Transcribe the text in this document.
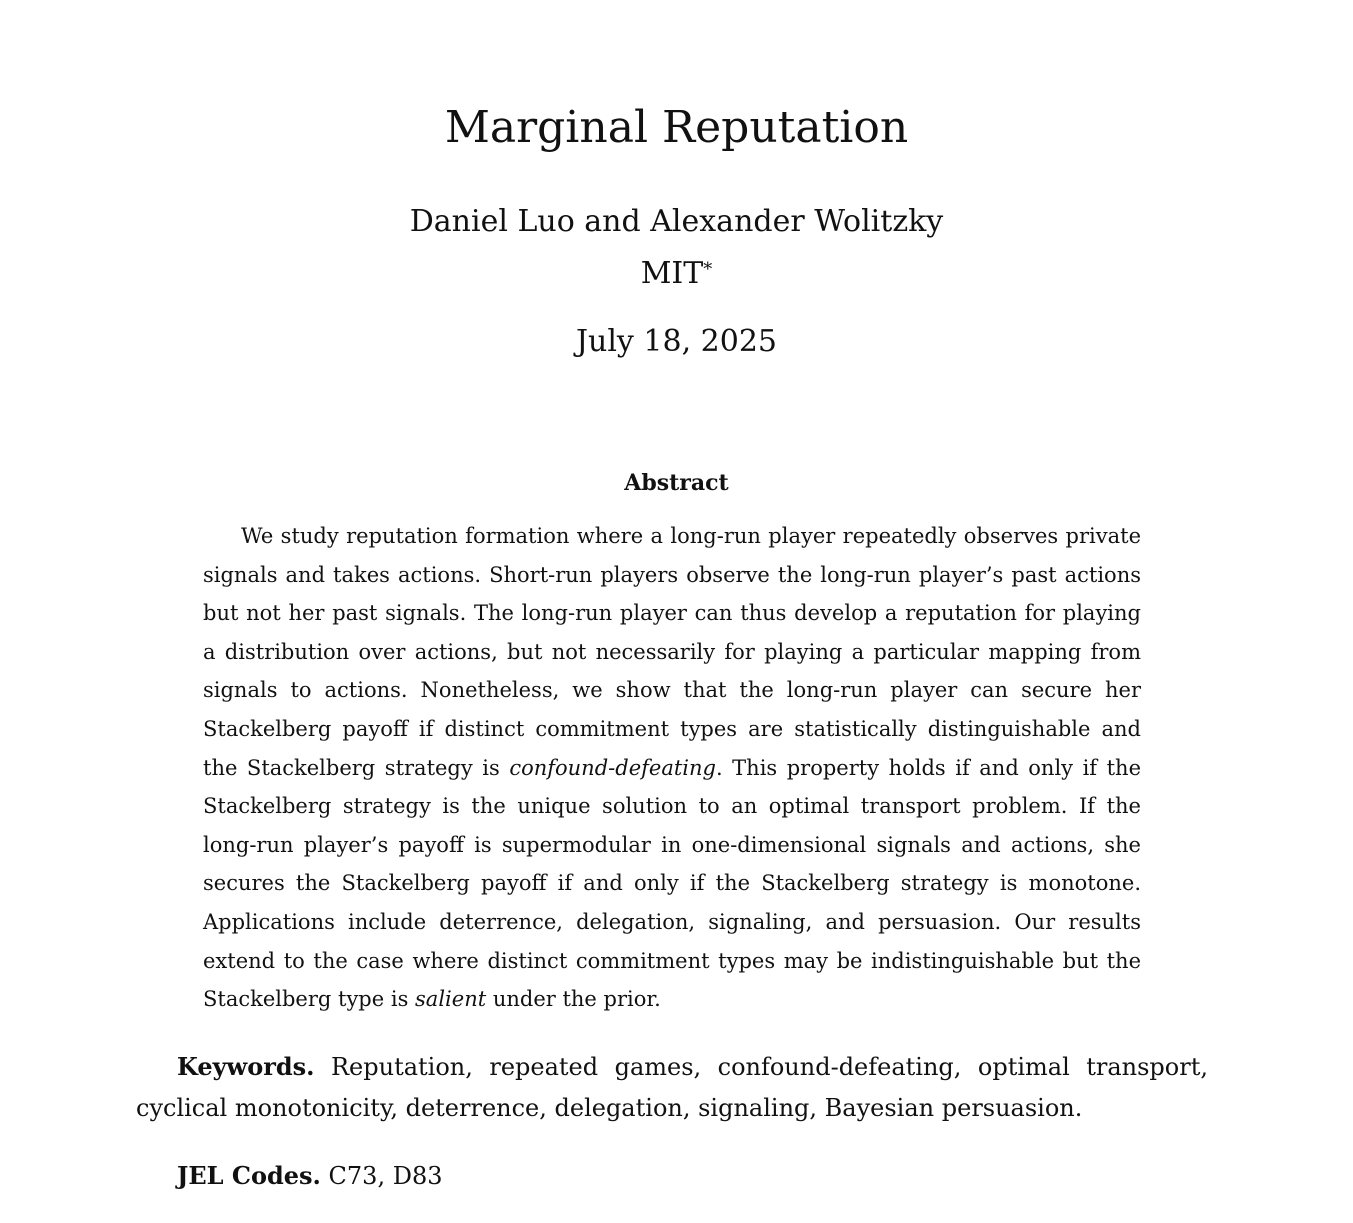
Marginal Reputation
Daniel Luo and Alexander Wolitzky
MIT*
July 18, 2025
Abstract
We study reputation formation where a long-run player repeatedly observes private signals and takes actions. Short-run players observe the long-run player’s past actions but not her past signals. The long-run player can thus develop a reputation for playing a distribution over actions, but not necessarily for playing a particular mapping from signals to actions. Nonetheless, we show that the long-run player can secure her Stackelberg payoff if distinct commitment types are statistically distinguishable and the Stackelberg strategy is confound-defeating. This property holds if and only if the Stackelberg strategy is the unique solution to an optimal transport problem. If the long-run player’s payoff is supermodular in one-dimensional signals and actions, she secures the Stackelberg payoff if and only if the Stackelberg strategy is monotone. Applications include deterrence, delegation, signaling, and persuasion. Our results extend to the case where distinct commitment types may be indistinguishable but the Stackelberg type is salient under the prior.
Keywords. Reputation, repeated games, confound-defeating, optimal transport, cyclical monotonicity, deterrence, delegation, signaling, Bayesian persuasion.
JEL Codes. C73, D83
